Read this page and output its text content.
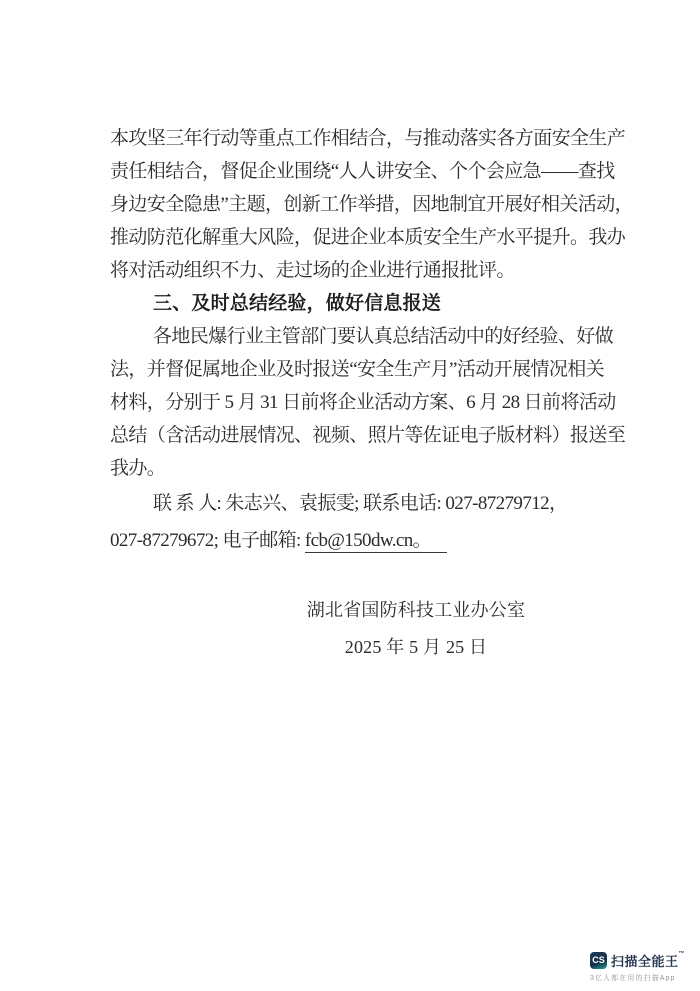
本攻坚三年行动等重点工作相结合，与推动落实各方面安全生产
责任相结合，督促企业围绕“人人讲安全、个个会应急——查找
身边安全隐患”主题，创新工作举措，因地制宜开展好相关活动，
推动防范化解重大风险，促进企业本质安全生产水平提升。我办
将对活动组织不力、走过场的企业进行通报批评。
三、及时总结经验，做好信息报送
各地民爆行业主管部门要认真总结活动中的好经验、好做
法，并督促属地企业及时报送“安全生产月”活动开展情况相关
材料，分别于 5 月 31 日前将企业活动方案、6 月 28 日前将活动
总结（含活动进展情况、视频、照片等佐证电子版材料）报送至
我办。
联 系 人: 朱志兴、袁振雯; 联系电话: 027-87279712，
027-87279672; 电子邮箱: fcb@150dw.cn。
湖北省国防科技工业办公室
2025 年 5 月 25 日
CS 扫描全能王™
3亿人都在用的扫描App
